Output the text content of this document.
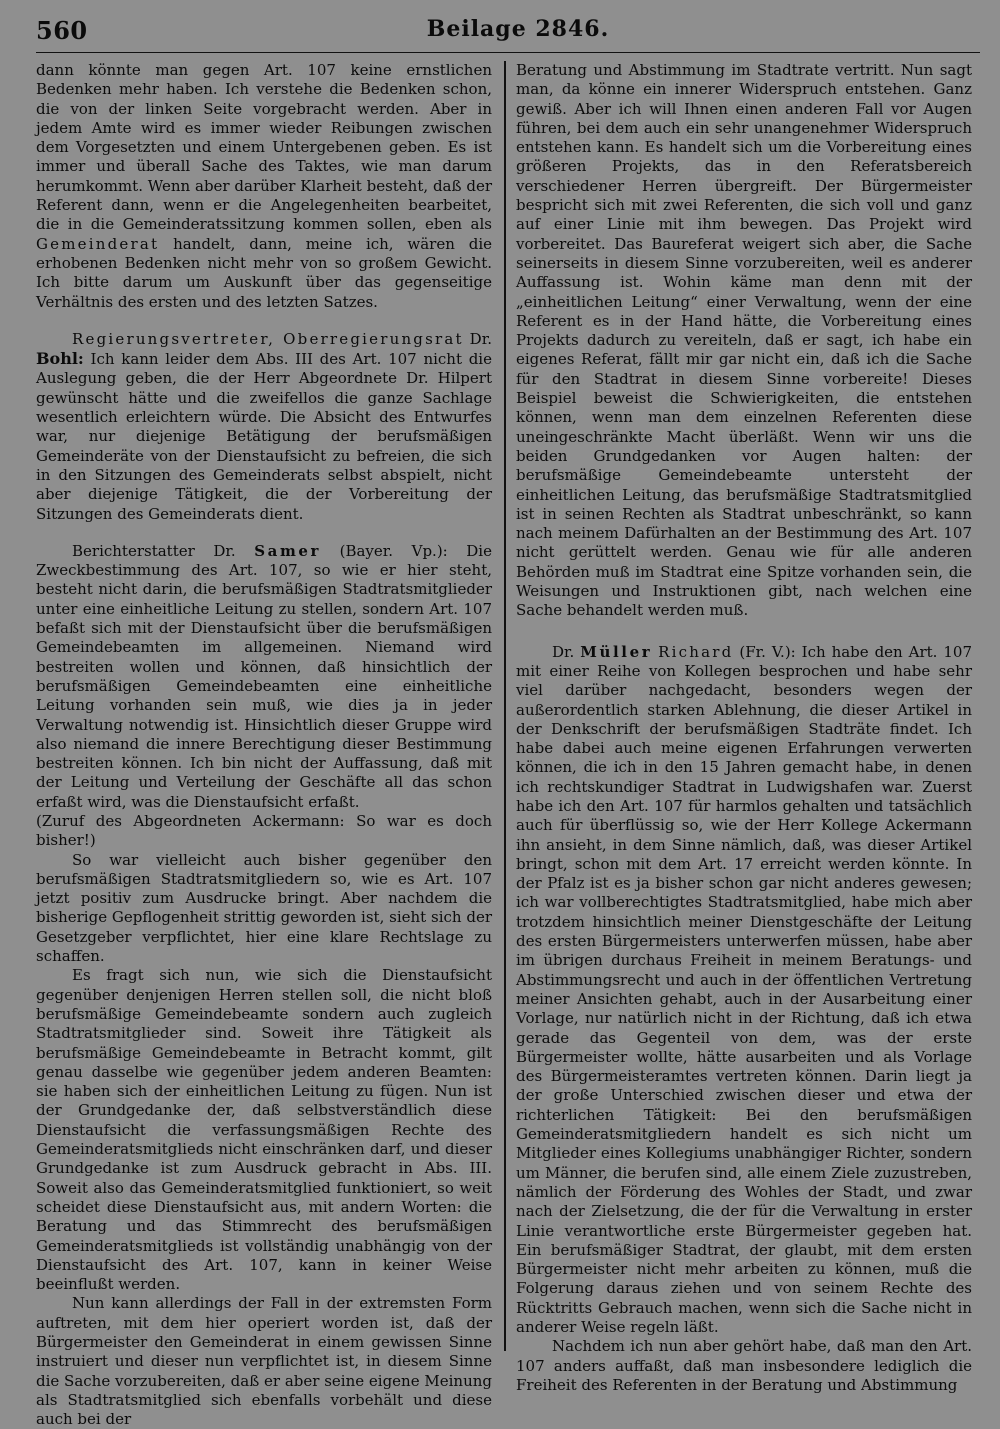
560	Beilage 2846.

dann könnte man gegen Art. 107 keine ernstlichen Bedenken mehr haben. Ich verstehe die Bedenken schon, die von der linken Seite vorgebracht werden. Aber in jedem Amte wird es immer wieder Reibungen zwischen dem Vorgesetzten und einem Untergebenen geben. Es ist immer und überall Sache des Taktes, wie man darum herumkommt. Wenn aber darüber Klarheit besteht, daß der Referent dann, wenn er die Angelegenheiten bearbeitet, die in die Gemeinderatssitzung kommen sollen, eben als Gemeinderat handelt, dann, meine ich, wären die erhobenen Bedenken nicht mehr von so großem Gewicht. Ich bitte darum um Auskunft über das gegenseitige Verhältnis des ersten und des letzten Satzes.

Regierungsvertreter, Oberregierungsrat Dr. Bohl: Ich kann leider dem Abs. III des Art. 107 nicht die Auslegung geben, die der Herr Abgeordnete Dr. Hilpert gewünscht hätte und die zweifellos die ganze Sachlage wesentlich erleichtern würde. Die Absicht des Entwurfes war, nur diejenige Betätigung der berufsmäßigen Gemeinderäte von der Dienstaufsicht zu befreien, die sich in den Sitzungen des Gemeinderats selbst abspielt, nicht aber diejenige Tätigkeit, die der Vorbereitung der Sitzungen des Gemeinderats dient.

Berichterstatter Dr. Samer (Bayer. Vp.): Die Zweckbestimmung des Art. 107, so wie er hier steht, besteht nicht darin, die berufsmäßigen Stadtratsmitglieder unter eine einheitliche Leitung zu stellen, sondern Art. 107 befaßt sich mit der Dienstaufsicht über die berufsmäßigen Gemeindebeamten im allgemeinen. Niemand wird bestreiten wollen und können, daß hinsichtlich der berufsmäßigen Gemeindebeamten eine einheitliche Leitung vorhanden sein muß, wie dies ja in jeder Verwaltung notwendig ist. Hinsichtlich dieser Gruppe wird also niemand die innere Berechtigung dieser Bestimmung bestreiten können. Ich bin nicht der Auffassung, daß mit der Leitung und Verteilung der Geschäfte all das schon erfaßt wird, was die Dienstaufsicht erfaßt.

(Zuruf des Abgeordneten Ackermann: So war es doch bisher!)

So war vielleicht auch bisher gegenüber den berufsmäßigen Stadtratsmitgliedern so, wie es Art. 107 jetzt positiv zum Ausdrucke bringt. Aber nachdem die bisherige Gepflogenheit strittig geworden ist, sieht sich der Gesetzgeber verpflichtet, hier eine klare Rechtslage zu schaffen.

Es fragt sich nun, wie sich die Dienstaufsicht gegenüber denjenigen Herren stellen soll, die nicht bloß berufsmäßige Gemeindebeamte sondern auch zugleich Stadtratsmitglieder sind. Soweit ihre Tätigkeit als berufsmäßige Gemeindebeamte in Betracht kommt, gilt genau dasselbe wie gegenüber jedem anderen Beamten: sie haben sich der einheitlichen Leitung zu fügen. Nun ist der Grundgedanke der, daß selbstverständlich diese Dienstaufsicht die verfassungsmäßigen Rechte des Gemeinderatsmitglieds nicht einschränken darf, und dieser Grundgedanke ist zum Ausdruck gebracht in Abs. III. Soweit also das Gemeinderatsmitglied funktioniert, so weit scheidet diese Dienstaufsicht aus, mit andern Worten: die Beratung und das Stimmrecht des berufsmäßigen Gemeinderatsmitglieds ist vollständig unabhängig von der Dienstaufsicht des Art. 107, kann in keiner Weise beeinflußt werden.

Nun kann allerdings der Fall in der extremsten Form auftreten, mit dem hier operiert worden ist, daß der Bürgermeister den Gemeinderat in einem gewissen Sinne instruiert und dieser nun verpflichtet ist, in diesem Sinne die Sache vorzubereiten, daß er aber seine eigene Meinung als Stadtratsmitglied sich ebenfalls vorbehält und diese auch bei der

Beratung und Abstimmung im Stadtrate vertritt. Nun sagt man, da könne ein innerer Widerspruch entstehen. Ganz gewiß. Aber ich will Ihnen einen anderen Fall vor Augen führen, bei dem auch ein sehr unangenehmer Widerspruch entstehen kann. Es handelt sich um die Vorbereitung eines größeren Projekts, das in den Referatsbereich verschiedener Herren übergreift. Der Bürgermeister bespricht sich mit zwei Referenten, die sich voll und ganz auf einer Linie mit ihm bewegen. Das Projekt wird vorbereitet. Das Baureferat weigert sich aber, die Sache seinerseits in diesem Sinne vorzubereiten, weil es anderer Auffassung ist. Wohin käme man denn mit der „einheitlichen Leitung“ einer Verwaltung, wenn der eine Referent es in der Hand hätte, die Vorbereitung eines Projekts dadurch zu vereiteln, daß er sagt, ich habe ein eigenes Referat, fällt mir gar nicht ein, daß ich die Sache für den Stadtrat in diesem Sinne vorbereite! Dieses Beispiel beweist die Schwierigkeiten, die entstehen können, wenn man dem einzelnen Referenten diese uneingeschränkte Macht überläßt. Wenn wir uns die beiden Grundgedanken vor Augen halten: der berufsmäßige Gemeindebeamte untersteht der einheitlichen Leitung, das berufsmäßige Stadtratsmitglied ist in seinen Rechten als Stadtrat unbeschränkt, so kann nach meinem Dafürhalten an der Bestimmung des Art. 107 nicht gerüttelt werden. Genau wie für alle anderen Behörden muß im Stadtrat eine Spitze vorhanden sein, die Weisungen und Instruktionen gibt, nach welchen eine Sache behandelt werden muß.

Dr. Müller Richard (Fr. V.): Ich habe den Art. 107 mit einer Reihe von Kollegen besprochen und habe sehr viel darüber nachgedacht, besonders wegen der außerordentlich starken Ablehnung, die dieser Artikel in der Denkschrift der berufsmäßigen Stadträte findet. Ich habe dabei auch meine eigenen Erfahrungen verwerten können, die ich in den 15 Jahren gemacht habe, in denen ich rechtskundiger Stadtrat in Ludwigshafen war. Zuerst habe ich den Art. 107 für harmlos gehalten und tatsächlich auch für überflüssig so, wie der Herr Kollege Ackermann ihn ansieht, in dem Sinne nämlich, daß, was dieser Artikel bringt, schon mit dem Art. 17 erreicht werden könnte. In der Pfalz ist es ja bisher schon gar nicht anderes gewesen; ich war vollberechtigtes Stadtratsmitglied, habe mich aber trotzdem hinsichtlich meiner Dienstgeschäfte der Leitung des ersten Bürgermeisters unterwerfen müssen, habe aber im übrigen durchaus Freiheit in meinem Beratungs- und Abstimmungsrecht und auch in der öffentlichen Vertretung meiner Ansichten gehabt, auch in der Ausarbeitung einer Vorlage, nur natürlich nicht in der Richtung, daß ich etwa gerade das Gegenteil von dem, was der erste Bürgermeister wollte, hätte ausarbeiten und als Vorlage des Bürgermeisteramtes vertreten können. Darin liegt ja der große Unterschied zwischen dieser und etwa der richterlichen Tätigkeit: Bei den berufsmäßigen Gemeinderatsmitgliedern handelt es sich nicht um Mitglieder eines Kollegiums unabhängiger Richter, sondern um Männer, die berufen sind, alle einem Ziele zuzustreben, nämlich der Förderung des Wohles der Stadt, und zwar nach der Zielsetzung, die der für die Verwaltung in erster Linie verantwortliche erste Bürgermeister gegeben hat. Ein berufsmäßiger Stadtrat, der glaubt, mit dem ersten Bürgermeister nicht mehr arbeiten zu können, muß die Folgerung daraus ziehen und von seinem Rechte des Rücktritts Gebrauch machen, wenn sich die Sache nicht in anderer Weise regeln läßt.

Nachdem ich nun aber gehört habe, daß man den Art. 107 anders auffaßt, daß man insbesondere lediglich die Freiheit des Referenten in der Beratung und Abstimmung
